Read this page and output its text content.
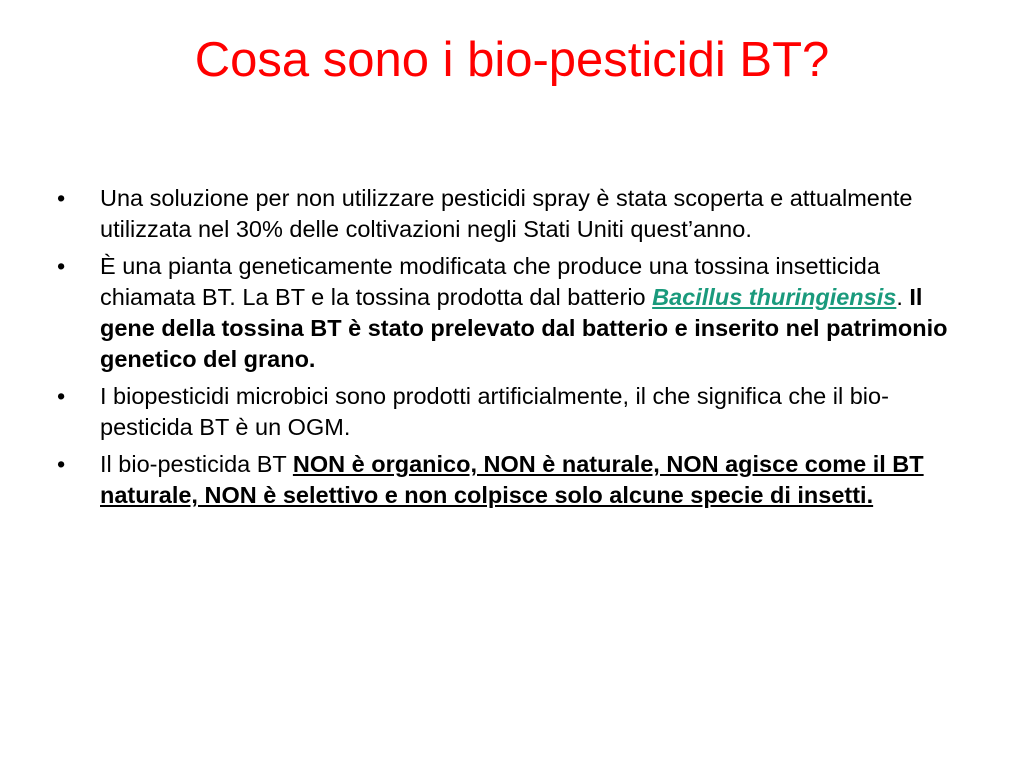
Cosa sono i bio-pesticidi BT?
•	Una soluzione per non utilizzare pesticidi spray è stata scoperta e attualmente utilizzata nel 30% delle coltivazioni negli Stati Uniti quest’anno.
•	È una pianta geneticamente modificata che produce una tossina insetticida chiamata BT. La BT e la tossina prodotta dal batterio Bacillus thuringiensis. Il gene della tossina BT è stato prelevato dal batterio e inserito nel patrimonio genetico del grano.
•	I biopesticidi microbici sono prodotti artificialmente, il che significa che il bio-pesticida BT è un OGM.
•	Il bio-pesticida BT NON è organico, NON è naturale, NON agisce come il BT naturale, NON è selettivo e non colpisce solo alcune specie di insetti.
